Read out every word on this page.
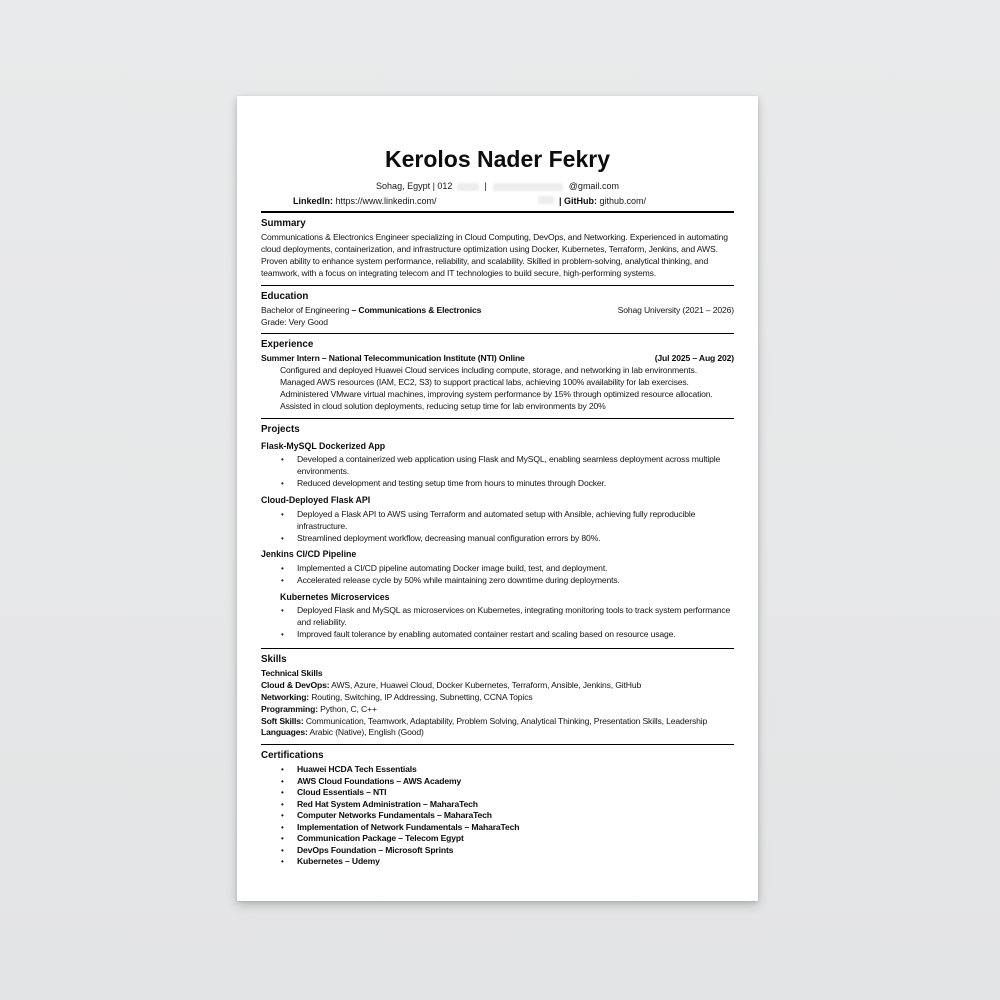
Kerolos Nader Fekry
Sohag, Egypt | 012	|	@gmail.com
LinkedIn: https://www.linkedin.com/	| GitHub: github.com/
Summary

Communications & Electronics Engineer specializing in Cloud Computing, DevOps, and Networking. Experienced in automating cloud deployments, containerization, and infrastructure optimization using Docker, Kubernetes, Terraform, Jenkins, and AWS. Proven ability to enhance system performance, reliability, and scalability. Skilled in problem-solving, analytical thinking, and teamwork, with a focus on integrating telecom and IT technologies to build secure, high-performing systems.

Education
Bachelor of Engineering – Communications & Electronics	Sohag University (2021 – 2026)

Grade: Very Good

Experience
Summer Intern – National Telecommunication Institute (NTI) Online	(Jul 2025 – Aug 202)

Configured and deployed Huawei Cloud services including compute, storage, and networking in lab environments.

Managed AWS resources (IAM, EC2, S3) to support practical labs, achieving 100% availability for lab exercises.

Administered VMware virtual machines, improving system performance by 15% through optimized resource allocation.

Assisted in cloud solution deployments, reducing setup time for lab environments by 20%

Projects
Flask-MySQL Dockerized App
• Developed a containerized web application using Flask and MySQL, enabling seamless deployment across multiple environments.
• Reduced development and testing setup time from hours to minutes through Docker.
Cloud-Deployed Flask API
• Deployed a Flask API to AWS using Terraform and automated setup with Ansible, achieving fully reproducible infrastructure.
• Streamlined deployment workflow, decreasing manual configuration errors by 80%.
Jenkins CI/CD Pipeline
• Implemented a CI/CD pipeline automating Docker image build, test, and deployment.
• Accelerated release cycle by 50% while maintaining zero downtime during deployments.
Kubernetes Microservices
• Deployed Flask and MySQL as microservices on Kubernetes, integrating monitoring tools to track system performance and reliability.
• Improved fault tolerance by enabling automated container restart and scaling based on resource usage.
Skills

Technical Skills

Cloud & DevOps: AWS, Azure, Huawei Cloud, Docker Kubernetes, Terraform, Ansible, Jenkins, GitHub

Networking: Routing, Switching, IP Addressing, Subnetting, CCNA Topics

Programming: Python, C, C++

Soft Skills: Communication, Teamwork, Adaptability, Problem Solving, Analytical Thinking, Presentation Skills, Leadership

Languages: Arabic (Native), English (Good)

Certifications
• Huawei HCDA Tech Essentials
• AWS Cloud Foundations – AWS Academy
• Cloud Essentials – NTI
• Red Hat System Administration – MaharaTech
• Computer Networks Fundamentals – MaharaTech
• Implementation of Network Fundamentals – MaharaTech
• Communication Package – Telecom Egypt
• DevOps Foundation – Microsoft Sprints
• Kubernetes – Udemy
